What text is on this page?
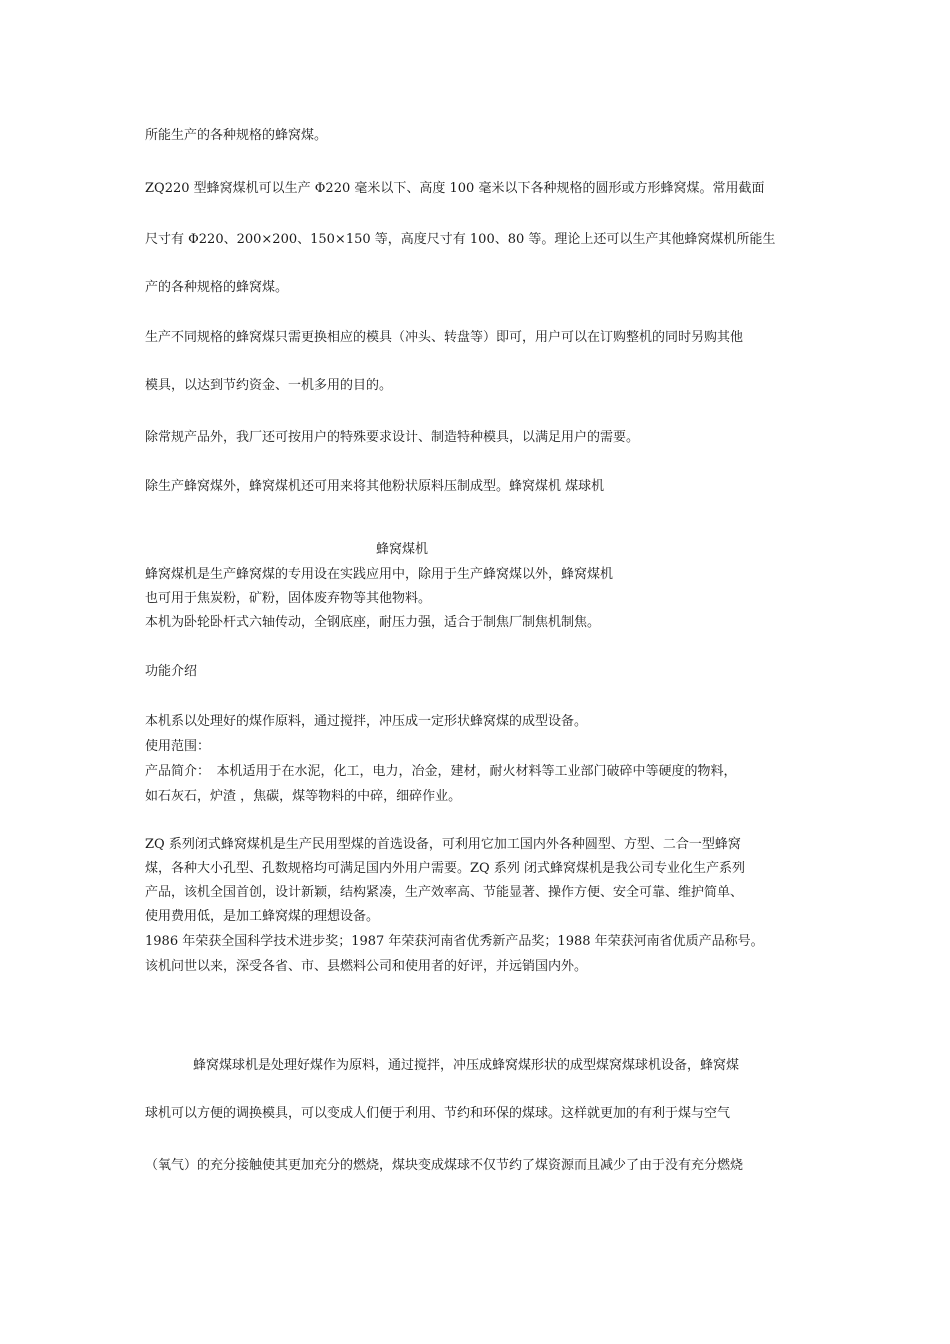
所能生产的各种规格的蜂窝煤。
ZQ220 型蜂窝煤机可以生产 Φ220 毫米以下、高度 100 毫米以下各种规格的圆形或方形蜂窝煤。常用截面
尺寸有 Φ220、200×200、150×150 等，高度尺寸有 100、80 等。理论上还可以生产其他蜂窝煤机所能生
产的各种规格的蜂窝煤。
生产不同规格的蜂窝煤只需更换相应的模具（冲头、转盘等）即可，用户可以在订购整机的同时另购其他
模具，以达到节约资金、一机多用的目的。
除常规产品外，我厂还可按用户的特殊要求设计、制造特种模具，以满足用户的需要。
除生产蜂窝煤外，蜂窝煤机还可用来将其他粉状原料压制成型。蜂窝煤机 煤球机
蜂窝煤机
蜂窝煤机是生产蜂窝煤的专用设在实践应用中，除用于生产蜂窝煤以外，蜂窝煤机
也可用于焦炭粉，矿粉，固体废弃物等其他物料。
本机为卧轮卧杆式六轴传动，全钢底座，耐压力强，适合于制焦厂制焦机制焦。
功能介绍
本机系以处理好的煤作原料，通过搅拌，冲压成一定形状蜂窝煤的成型设备。
使用范围：
产品简介：　本机适用于在水泥，化工，电力，冶金，建材，耐火材料等工业部门破碎中等硬度的物料，
如石灰石，炉渣 ，焦碳，煤等物料的中碎，细碎作业。
ZQ 系列闭式蜂窝煤机是生产民用型煤的首选设备，可利用它加工国内外各种圆型、方型、二合一型蜂窝
煤，各种大小孔型、孔数规格均可满足国内外用户需要。ZQ 系列 闭式蜂窝煤机是我公司专业化生产系列
产品，该机全国首创，设计新颖，结构紧凑，生产效率高、节能显著、操作方便、安全可靠、维护简单、
使用费用低，是加工蜂窝煤的理想设备。
1986 年荣获全国科学技术进步奖；1987 年荣获河南省优秀新产品奖；1988 年荣获河南省优质产品称号。
该机问世以来，深受各省、市、县燃料公司和使用者的好评，并远销国内外。
蜂窝煤球机是处理好煤作为原料，通过搅拌，冲压成蜂窝煤形状的成型煤窝煤球机设备，蜂窝煤
球机可以方便的调换模具，可以变成人们便于利用、节约和环保的煤球。这样就更加的有利于煤与空气
（氧气）的充分接触使其更加充分的燃烧，煤块变成煤球不仅节约了煤资源而且减少了由于没有充分燃烧
